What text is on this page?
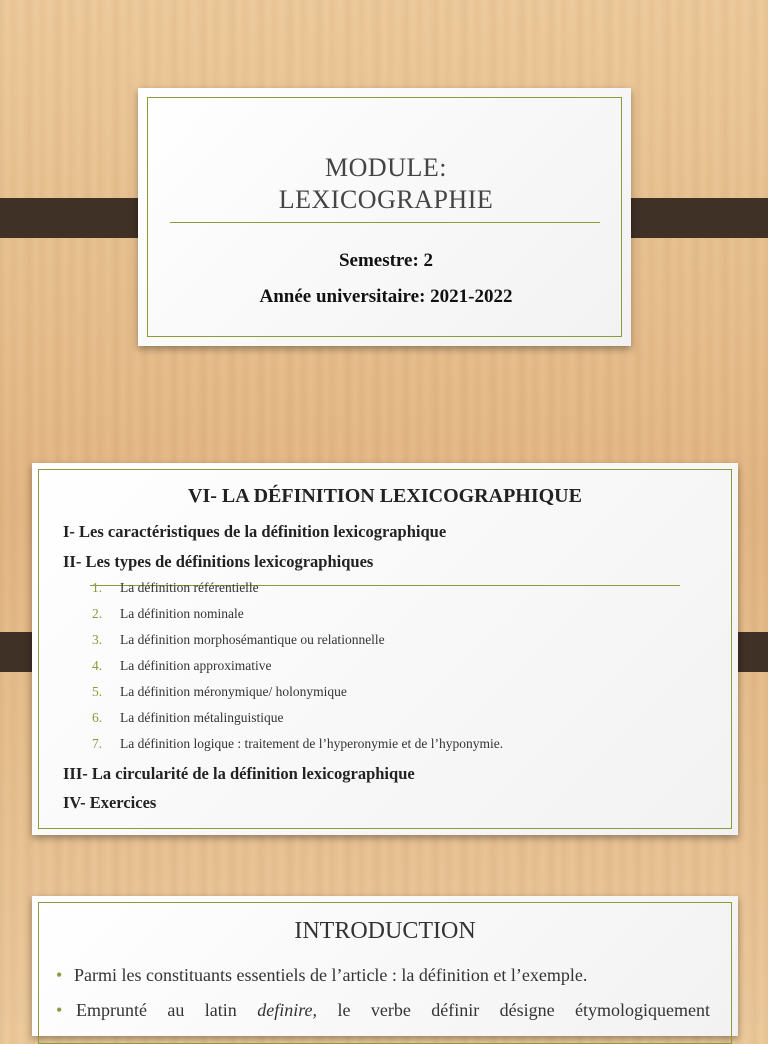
MODULE:
LEXICOGRAPHIE
Semestre: 2
Année universitaire: 2021-2022
VI- LA DÉFINITION LEXICOGRAPHIQUE
I- Les caractéristiques de la définition lexicographique
II- Les types de définitions lexicographiques
1. La définition référentielle
2. La définition nominale
3. La définition morphosémantique ou relationnelle
4. La définition approximative
5. La définition méronymique/ holonymique
6. La définition métalinguistique
7. La définition logique : traitement de l’hyperonymie et de l’hyponymie.
III- La circularité de la définition lexicographique
IV- Exercices
INTRODUCTION
• Parmi les constituants essentiels de l’article : la définition et l’exemple.
• Emprunté au latin definire, le verbe définir désigne étymologiquement
